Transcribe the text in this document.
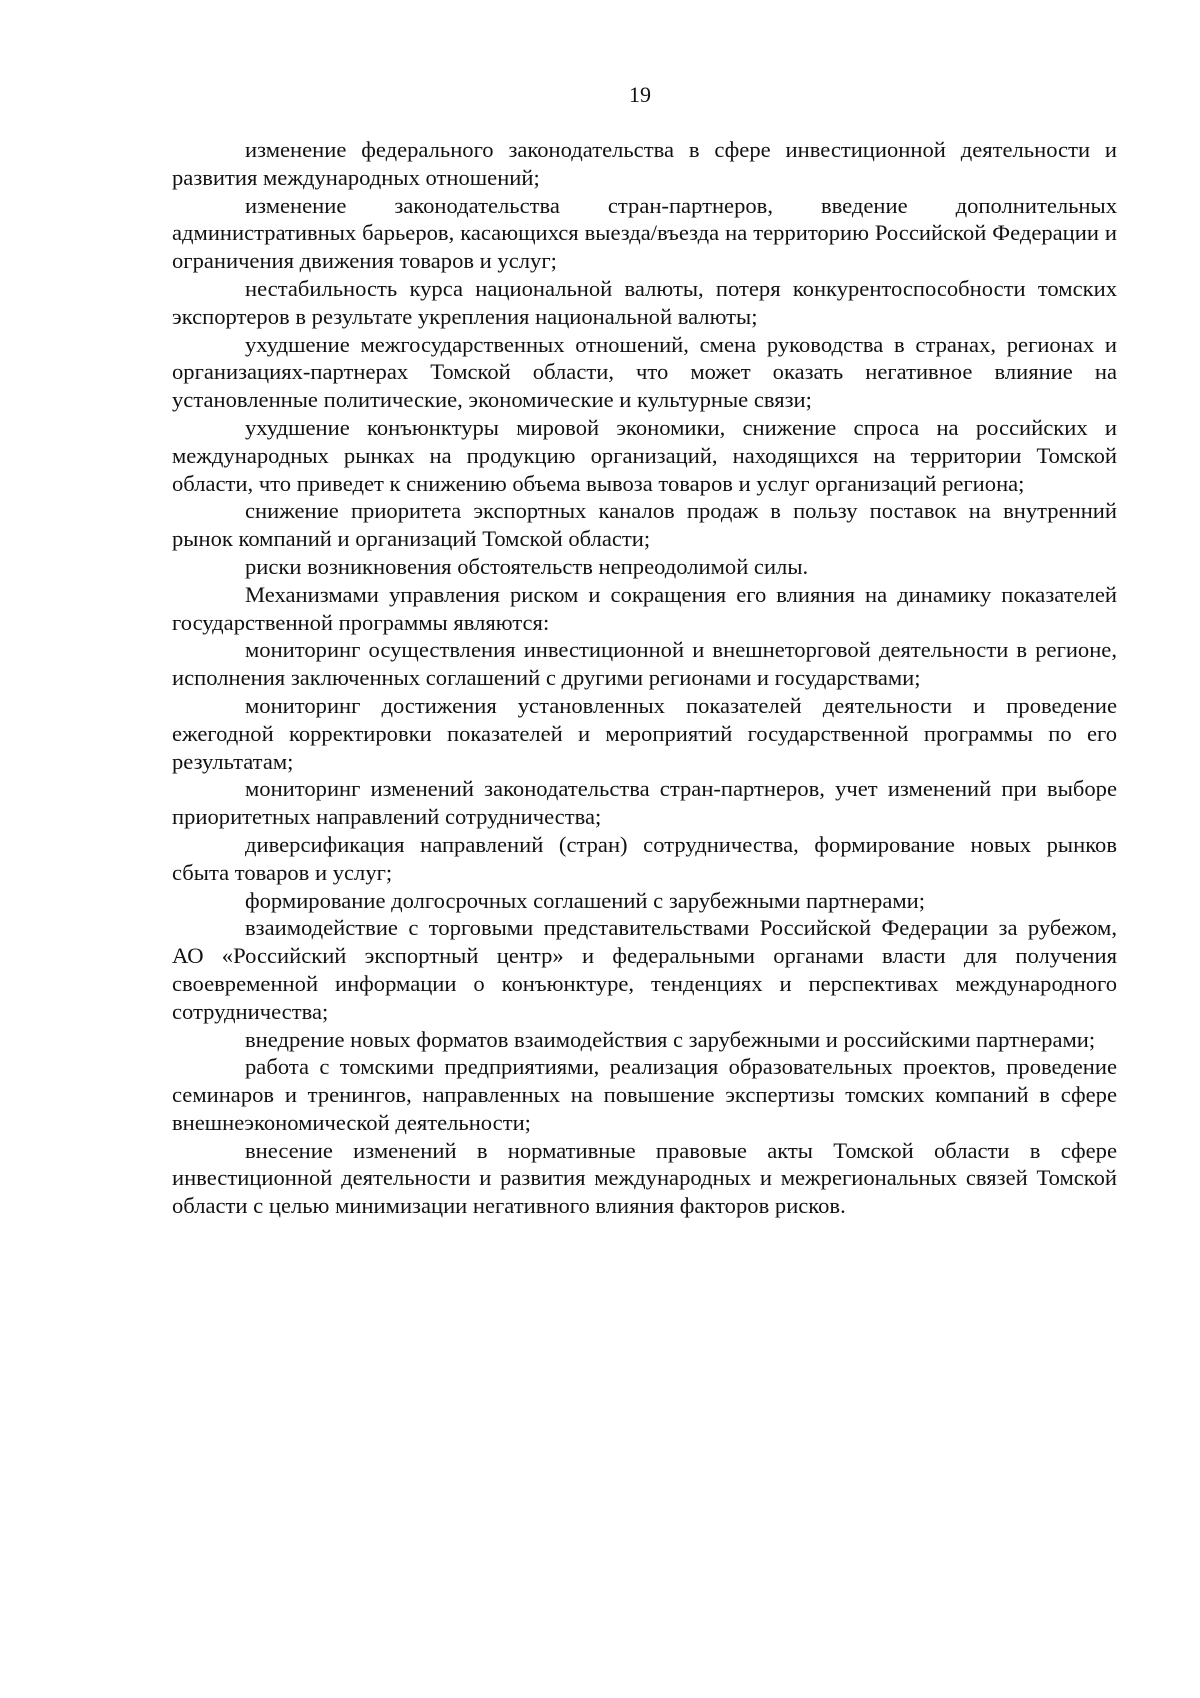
19

изменение федерального законодательства в сфере инвестиционной деятельности и развития международных отношений;

изменение законодательства стран-партнеров, введение дополнительных административных барьеров, касающихся выезда/въезда на территорию Российской Федерации и ограничения движения товаров и услуг;

нестабильность курса национальной валюты, потеря конкурентоспособности томских экспортеров в результате укрепления национальной валюты;

ухудшение межгосударственных отношений, смена руководства в странах, регионах и организациях-партнерах Томской области, что может оказать негативное влияние на установленные политические, экономические и культурные связи;

ухудшение конъюнктуры мировой экономики, снижение спроса на российских и международных рынках на продукцию организаций, находящихся на территории Томской области, что приведет к снижению объема вывоза товаров и услуг организаций региона;

снижение приоритета экспортных каналов продаж в пользу поставок на внутренний рынок компаний и организаций Томской области;

риски возникновения обстоятельств непреодолимой силы.

Механизмами управления риском и сокращения его влияния на динамику показателей государственной программы являются:

мониторинг осуществления инвестиционной и внешнеторговой деятельности в регионе, исполнения заключенных соглашений с другими регионами и государствами;

мониторинг достижения установленных показателей деятельности и проведение ежегодной корректировки показателей и мероприятий государственной программы по его результатам;

мониторинг изменений законодательства стран-партнеров, учет изменений при выборе приоритетных направлений сотрудничества;

диверсификация направлений (стран) сотрудничества, формирование новых рынков сбыта товаров и услуг;

формирование долгосрочных соглашений с зарубежными партнерами;

взаимодействие с торговыми представительствами Российской Федерации за рубежом, АО «Российский экспортный центр» и федеральными органами власти для получения своевременной информации о конъюнктуре, тенденциях и перспективах международного сотрудничества;

внедрение новых форматов взаимодействия с зарубежными и российскими партнерами;

работа с томскими предприятиями, реализация образовательных проектов, проведение семинаров и тренингов, направленных на повышение экспертизы томских компаний в сфере внешнеэкономической деятельности;

внесение изменений в нормативные правовые акты Томской области в сфере инвестиционной деятельности и развития международных и межрегиональных связей Томской области с целью минимизации негативного влияния факторов рисков.
